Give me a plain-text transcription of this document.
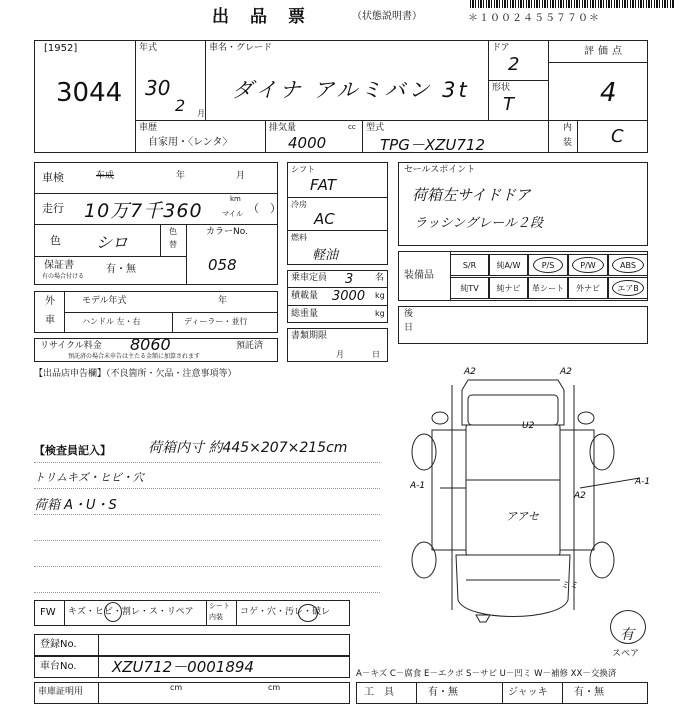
出　品　票	（状態説明書）	＊１００２４５５７７０＊
[1952]
3044
年式
30
2 月
車名・グレード
ダイナ アルミバン 3t
ドア
2
形状
T
評価点
4
内
装 C
車歴
自家用・〈レンタ〉
排気量	cc
4000
型式
TPG－XZU712
車検	车成	年	月
走行 10万7千360
km
マイル （　）
色 シロ
色
替
カラーNo.
058
保証書
有の場合付ける
有・無
外
車
モデル年式	年
ハンドル 左・右	ディーラー・並行
リサイクル料金 8060	預託済
預託済の場合未申告は主たる金額に加算されます
シフト
FAT
冷房
AC
燃料
軽油
乗車定員 3 名
積載量 3000 kg
総重量	kg
書類期限
月	日
セールスポイント
荷箱左サイドドア
ラッシングレール２段
装備品
S/R	純A/W	P/S	P/W	ABS
純TV	純ナビ	革シート	外ナビ	エアB
後
日
【出品店申告欄】（不良箇所・欠品・注意事項等）
【検査員記入】	荷箱内寸 約445×207×215cm
トリムキズ・ヒビ・穴
荷箱 A・U・S
A2	A2
U2
A-1
A2
A-1
アアセ
ミミ
有
スペア
FW キズ・ヒビ・割レ・ス・リペア
シート
内装 コゲ・穴・汚レ・破レ
登録No.
車台No. XZU712－0001894	A－キズ C－腐食 E－エクボ S－サビ U－凹ミ W－補修 XX－交換済
車庫証明用	cm	cm	工　具	有・無	ジャッキ	有・無
